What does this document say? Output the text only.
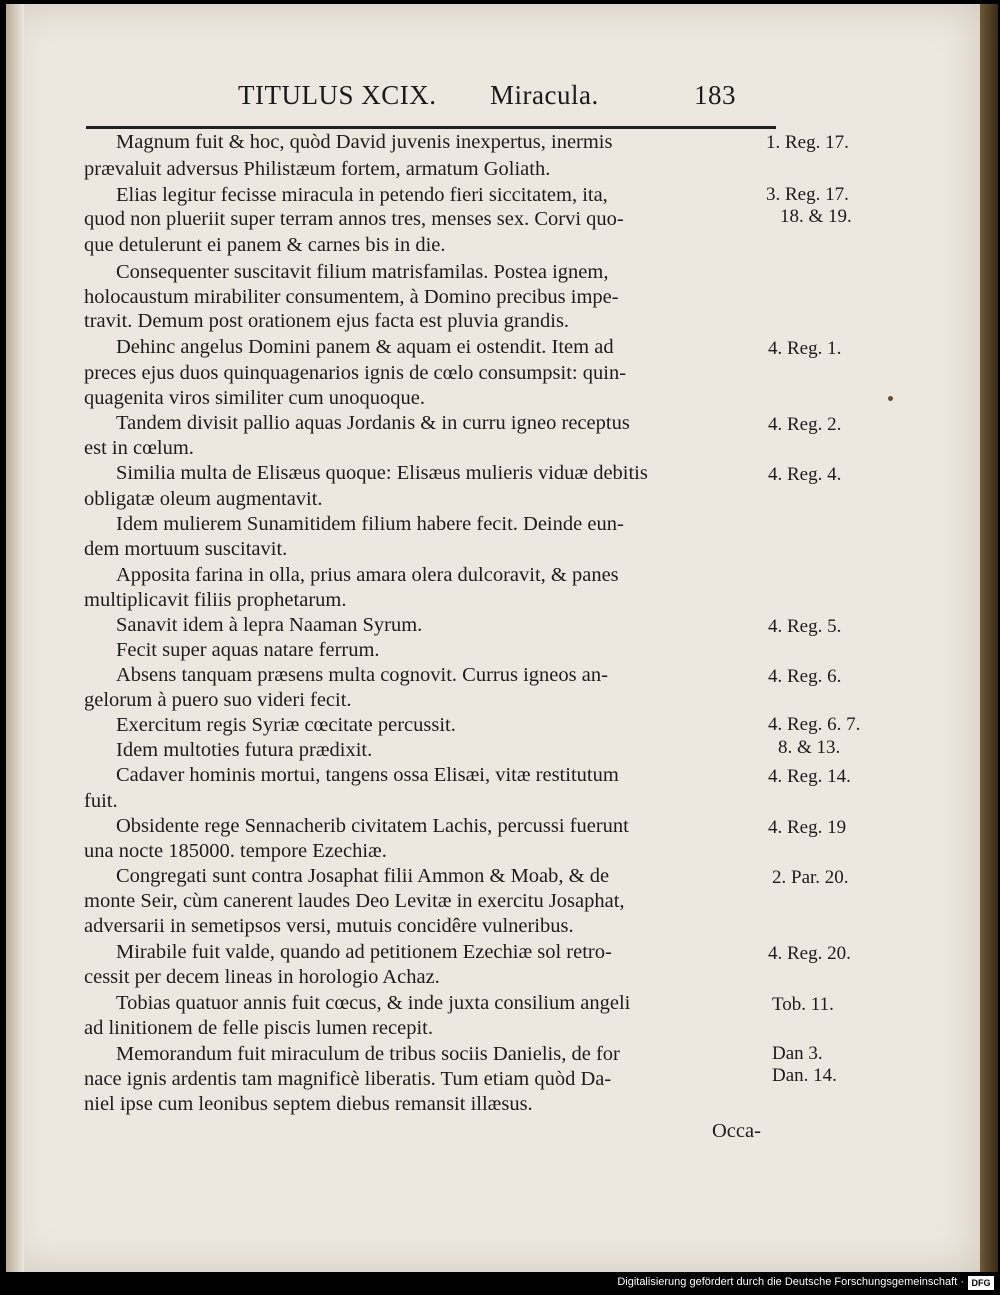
TITULUS XCIX. Miracula.	183
Magnum fuit & hoc, quòd David juvenis inexpertus, inermis
prævaluit adversus Philistæum fortem, armatum Goliath.
Elias legitur fecisse miracula in petendo fieri siccitatem, ita,
quod non plueriit super terram annos tres, menses sex. Corvi quo-
que detulerunt ei panem & carnes bis in die.
Consequenter suscitavit filium matrisfamilas. Postea ignem,
holocaustum mirabiliter consumentem, à Domino precibus impe-
travit. Demum post orationem ejus facta est pluvia grandis.
Dehinc angelus Domini panem & aquam ei ostendit. Item ad
preces ejus duos quinquagenarios ignis de cœlo consumpsit: quin-
quagenita viros similiter cum unoquoque.
Tandem divisit pallio aquas Jordanis & in curru igneo receptus
est in cœlum.
Similia multa de Elisæus quoque: Elisæus mulieris viduæ debitis
obligatæ oleum augmentavit.
Idem mulierem Sunamitidem filium habere fecit. Deinde eun-
dem mortuum suscitavit.
Apposita farina in olla, prius amara olera dulcoravit, & panes
multiplicavit filiis prophetarum.
Sanavit idem à lepra Naaman Syrum.
Fecit super aquas natare ferrum.
Absens tanquam præsens multa cognovit. Currus igneos an-
gelorum à puero suo videri fecit.
Exercitum regis Syriæ cœcitate percussit.
Idem multoties futura prædixit.
Cadaver hominis mortui, tangens ossa Elisæi, vitæ restitutum
fuit.
Obsidente rege Sennacherib civitatem Lachis, percussi fuerunt
una nocte 185000. tempore Ezechiæ.
Congregati sunt contra Josaphat filii Ammon & Moab, & de
monte Seir, cùm canerent laudes Deo Levitæ in exercitu Josaphat,
adversarii in semetipsos versi, mutuis concidêre vulneribus.
Mirabile fuit valde, quando ad petitionem Ezechiæ sol retro-
cessit per decem lineas in horologio Achaz.
Tobias quatuor annis fuit cœcus, & inde juxta consilium angeli
ad linitionem de felle piscis lumen recepit.
Memorandum fuit miraculum de tribus sociis Danielis, de for
nace ignis ardentis tam magnificè liberatis. Tum etiam quòd Da-
niel ipse cum leonibus septem diebus remansit illæsus.
1. Reg. 17.
3. Reg. 17.
18. & 19.
4. Reg. 1.
4. Reg. 2.
4. Reg. 4.
4. Reg. 5.
4. Reg. 6.
4. Reg. 6. 7.
8. & 13.
4. Reg. 14.
4. Reg. 19
2. Par. 20.
4. Reg. 20.
Tob. 11.
Dan 3.
Dan. 14.
Occa-
Digitalisierung gefördert durch die Deutsche Forschungsgemeinschaft · DFG
